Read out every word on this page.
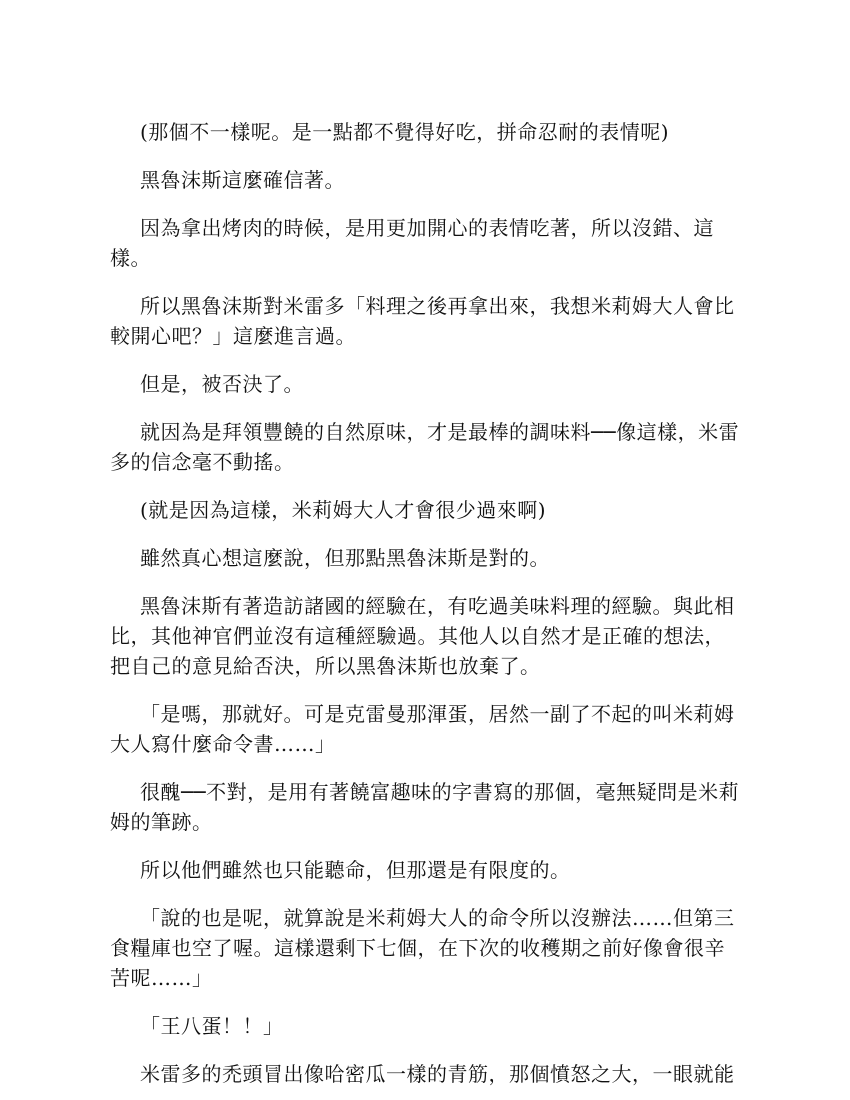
(那個不一樣呢。是一點都不覺得好吃，拼命忍耐的表情呢)

黑魯沫斯這麼確信著。

因為拿出烤肉的時候，是用更加開心的表情吃著，所以沒錯、這樣。

所以黑魯沫斯對米雷多「料理之後再拿出來，我想米莉姆大人會比較開心吧？」這麼進言過。

但是，被否決了。

就因為是拜領豐饒的自然原味，才是最棒的調味料──像這樣，米雷多的信念毫不動搖。

(就是因為這樣，米莉姆大人才會很少過來啊)

雖然真心想這麼說，但那點黑魯沫斯是對的。

黑魯沫斯有著造訪諸國的經驗在，有吃過美味料理的經驗。與此相比，其他神官們並沒有這種經驗過。其他人以自然才是正確的想法，把自己的意見給否決，所以黑魯沫斯也放棄了。

「是嗎，那就好。可是克雷曼那渾蛋，居然一副了不起的叫米莉姆大人寫什麼命令書……」

很醜──不對，是用有著饒富趣味的字書寫的那個，毫無疑問是米莉姆的筆跡。

所以他們雖然也只能聽命，但那還是有限度的。

「說的也是呢，就算說是米莉姆大人的命令所以沒辦法……但第三食糧庫也空了喔。這樣還剩下七個，在下次的收穫期之前好像會很辛苦呢……」

「王八蛋！！」

米雷多的禿頭冒出像哈密瓜一樣的青筋，那個憤怒之大，一眼就能
